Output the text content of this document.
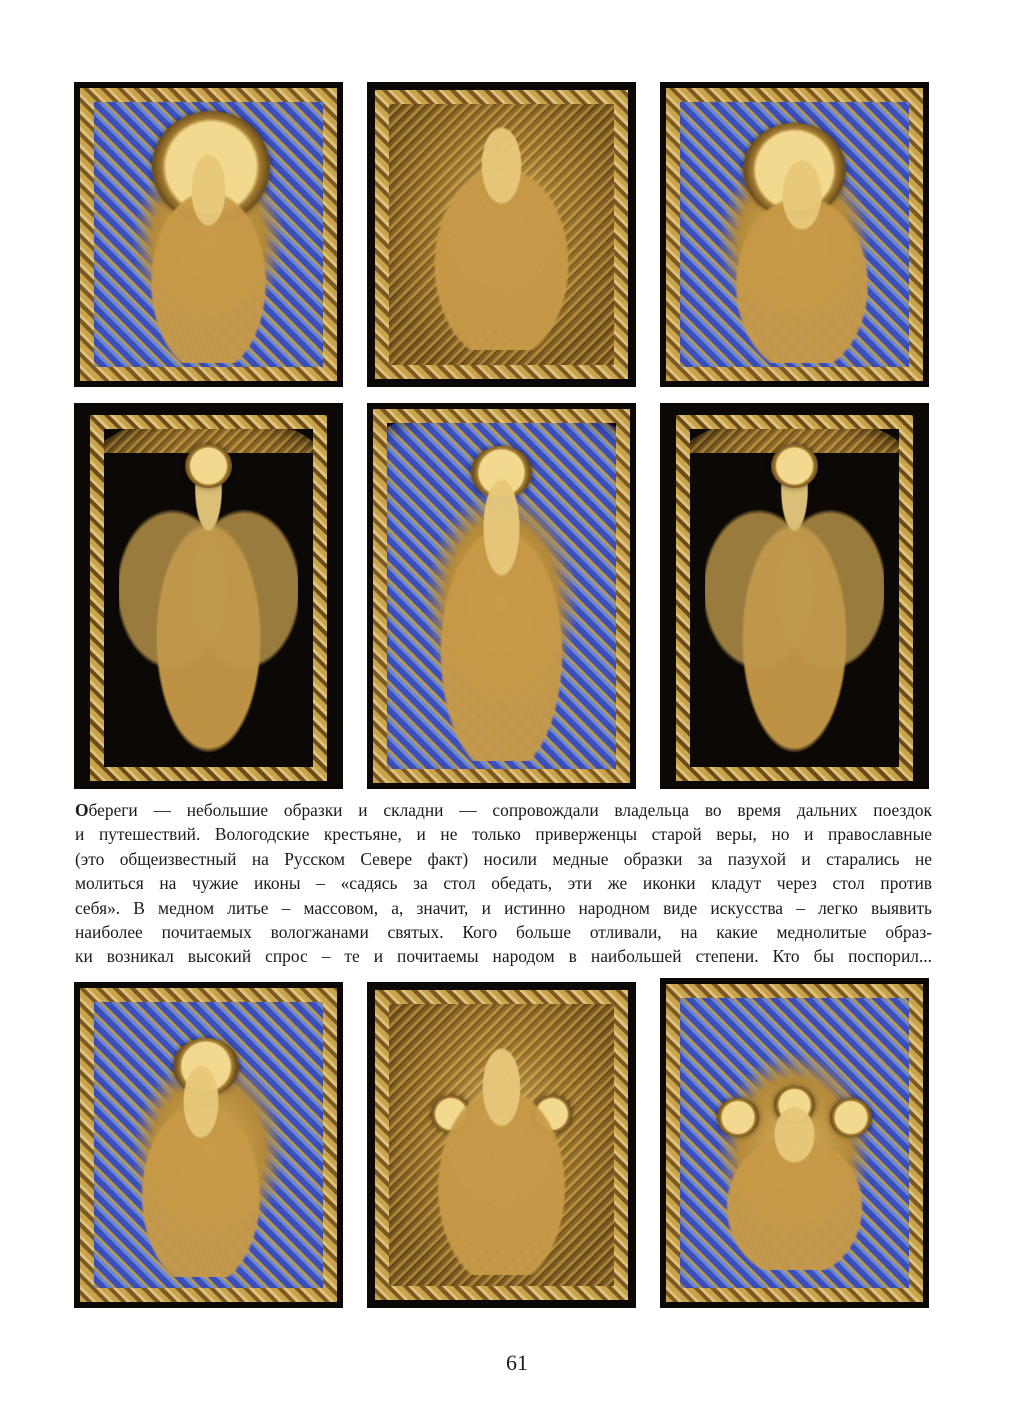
Обереги — небольшие образки и складни — сопровождали владельца во время дальних поездок
и путешествий. Вологодские крестьяне, и не только приверженцы старой веры, но и православные
(это общеизвестный на Русском Севере факт) носили медные образки за пазухой и старались не
молиться на чужие иконы – «садясь за стол обедать, эти же иконки кладут через стол против
себя». В медном литье – массовом, а, значит, и истинно народном виде искусства – легко выявить
наиболее почитаемых вологжанами святых. Кого больше отливали, на какие меднолитые образ-
ки возникал высокий спрос – те и почитаемы народом в наибольшей степени. Кто бы поспорил...
61
